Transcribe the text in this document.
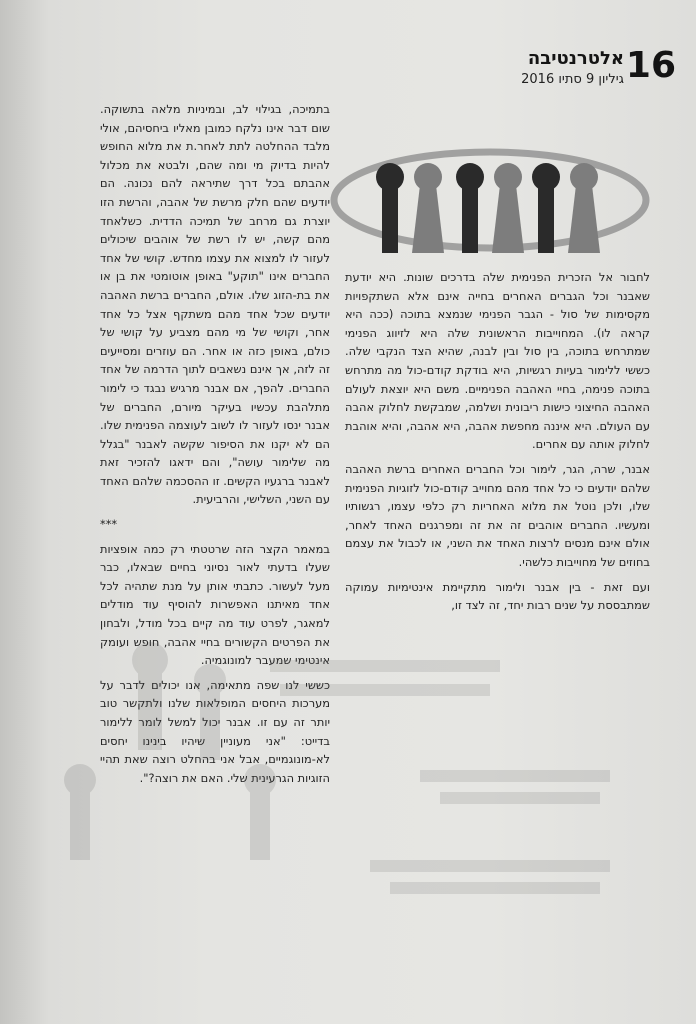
16
אלטרנטיבה
גיליון 9 סתיו 2016

לחבור אל הזכרית הפנימית שלה בדרכים שונות. היא יודעת שאבנר וכל הגברים האחרים בחייה אינם אלא השתקפויות מקסימות של סול - הגבר הפנימי שנמצא בתוכה (ככה היא קראה לו). המחוייבות הראשונית שלה היא לזיווג הפנימי שמתרחש בתוכה, בין סול ובין לבנה, שהיא הצד הנקבי שלה. כששי ללימור בעיות רגשיות, היא בודקת קודם-כול מה מתרחש בתוכה פנימה, בחיי האהבה הפנימיים. משם היא יוצאת לעולם האהבה החיצוני כישות ריבונית ושלמה, שמבקשת לחלוק אהבה עם העולם. היא איננה מחפשת אהבה, היא אהבה, והיא אוהבת לחלוק אותה עם אחרים.

אבנר, שרה, הגר, לימור וכל החברים האחרים ברשת האהבה שלהם יודעים כי כל אחד מהם מחוייב קודם-כול לזוגיות הפנימית שלו, ולכן נוטל את מלוא האחריות רק כלפי עצמו, רגשותיו ומעשיו. החברים אוהבים זה את זה ומפרגנים האחד לאחר, אולם אינם מנסים לרצות האחד את השני, או לכבול את עצמם בחוזים של מחוייבות כלשהי.

ועם זאת - בין אבנר ולימור מתקיימת אינטימיות עמוקה שמתבססת על שנים רבות יחד, זה לצד זו,

בתמיכה, בגילוי לב, ובמיניות מלאה בתשוקה. שום דבר אינו נלקח כמובן מאליו ביחסיהם, אולי מלבד ההחלטה לתת לאחר.ת את מלוא החופש להיות בדיוק מי ומה שהם, ולבטא את מכלול אהבתם בכל דרך שתיראה להם נכונה. הם יודעים שהם חלק מרשת של אהבה, והרשת הזו יוצרת גם מרחב של תמיכה הדדית. כשלאחד מהם קשה, יש לו רשת של אוהבים שיכולים לעזור לו למצוא את עצמו מחדש. קושי של אחד החברים אינו "תוקע" באופן אוטומטי את בן או את בת-הזוג שלו. אולם, החברים ברשת האהבה יודעים שכל אחד מהם משתקף אצל כל אחד אחר, וקושי של מי מהם מצביע על קושי של כולם, באופן כזה או אחר. הם עוזרים ומסייעים זה לזה, אך אינם נשאבים לתוך הדרמה של אחד החברים. להפך, אם אבנר מרגיש נבגד כי לימור מתלהבת עכשיו בעיקר מיורם, החברים של אבנר ינסו לעזור לו לשוב לעוצמה הפנימית שלו. הם לא יקנו את הסיפור שקשה לאבנר "בגלל מה שלימור עושה", והם ידאגו להזכיר זאת לאבנר ברגעיו הקשים. זו ההסכמה שלהם האחד עם השני, השלישי, והרביעית.

***

במאמר הקצר הזה שרטטתי רק כמה אופציות שעלו בדעתי לאור נסיוני בחיים שבאלו, כבר מעל לעשור. כתבתי אותן על מנת שתהיה לכל אחד מאיתנו האפשרות להוסיף עוד מודלים למאגר, לפרט עוד מה קיים בכל מודל, ולבחון את הפרטים הקשורים בחיי אהבה, חופש ועומק אינטימי שמעבר למונוגמיה.

כששי לנו שפה מתאימה, אנו יכולים לדבר על מערכות היחסים המופלאות שלנו ולתקשר טוב יותר זה עם זו. אבנר יכול למשל לומר ללימור בדייט: "אני מעוניין שיהיו בינינו יחסים לא-מונוגמיים, אבל אני בהחלט רוצה שאת תהיי הזוגיות הגרעינית שלי. האם את רוצה?".
